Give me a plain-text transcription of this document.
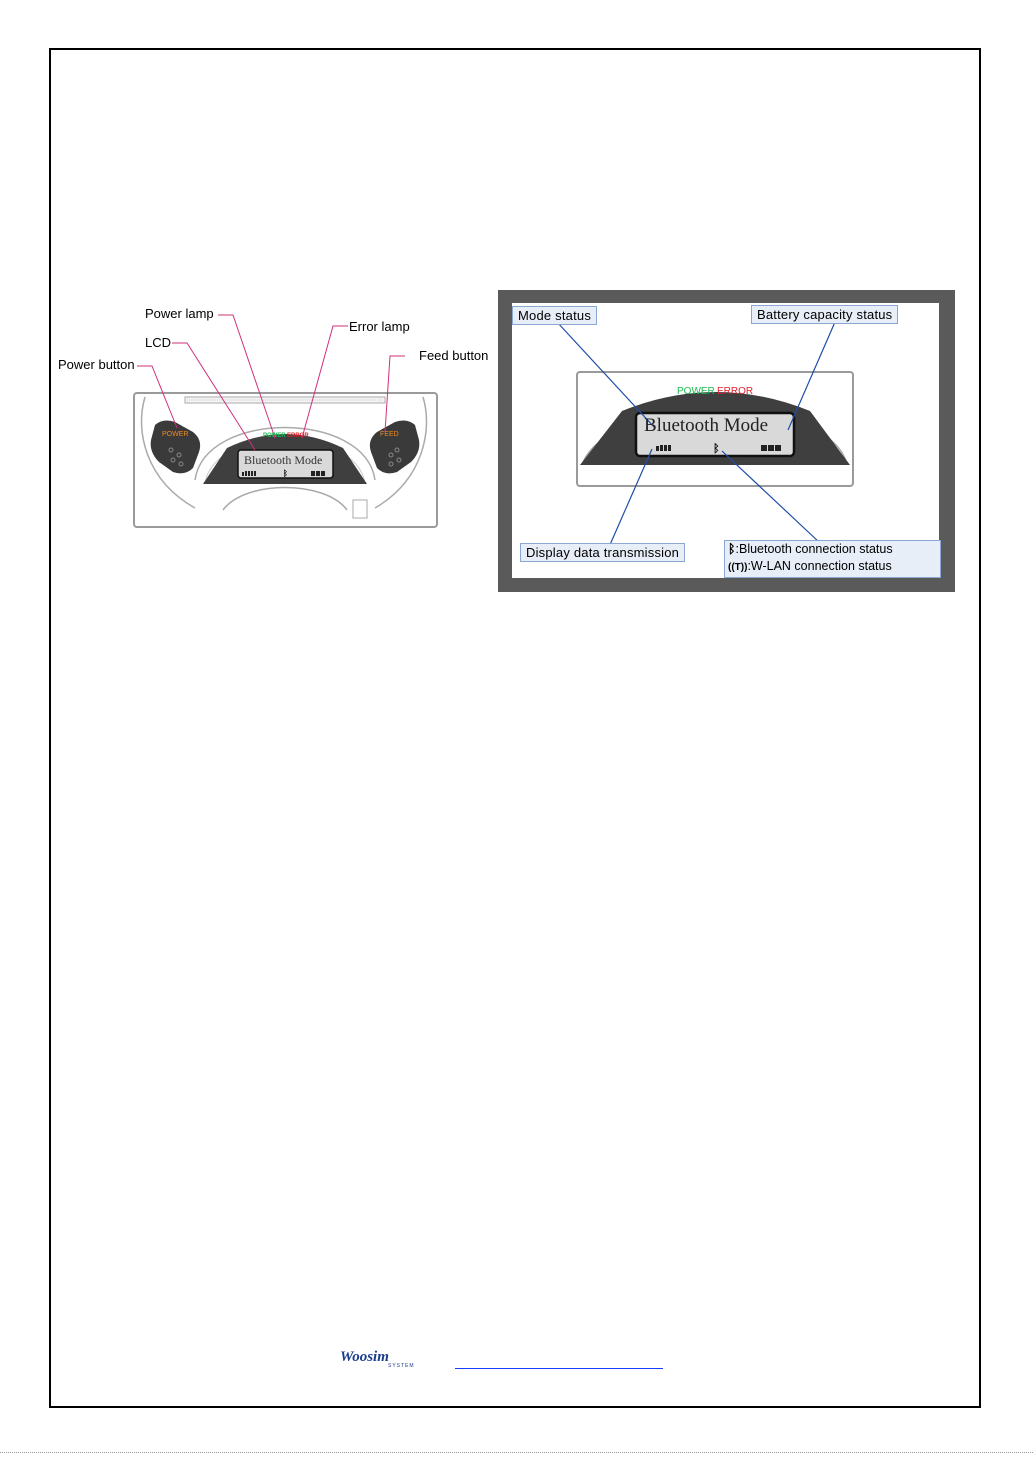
ᛒ
Power lamp
LCD
Error lamp
Power button
Feed button
POWER	FEED
POWER ERROR
Bluetooth Mode
ᛒ
POWER ERROR
Bluetooth Mode
Mode status	Battery capacity status
Display data transmission	ᛒ:Bluetooth connection status
((T)):W-LAN connection status
Woosim
SYSTEM
